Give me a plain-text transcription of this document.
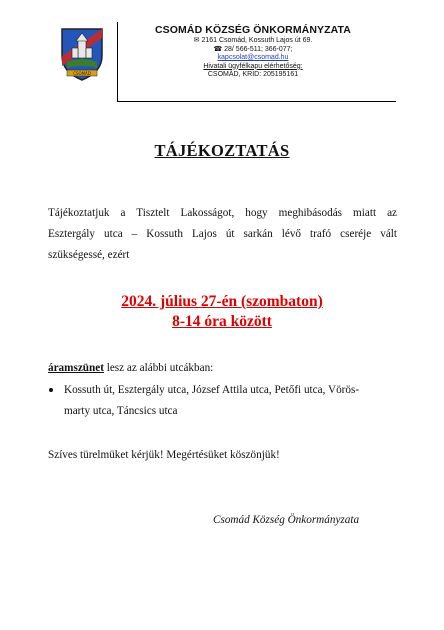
CSOMÁD
CSOMÁD KÖZSÉG ÖNKORMÁNYZATA
✉ 2161 Csomád, Kossuth Lajos út 69.
☎ 28/ 566-511; 366-077;
kapcsolat@csomad.hu
Hivatali ügyfélkapu elérhetőség:
CSOMÁD, KRID: 205195161
TÁJÉKOZTATÁS
Tájékoztatjuk a Tisztelt Lakosságot, hogy meghibásodás miatt az
Esztergály utca – Kossuth Lajos út sarkán lévő trafó cseréje vált
szükségessé, ezért
2024. július 27-én (szombaton)
8-14 óra között
áramszünet lesz az alábbi utcákban:
Kossuth út, Esztergály utca, József Attila utca, Petőfi utca, Vörös-
marty utca, Táncsics utca
Szíves türelmüket kérjük! Megértésüket köszönjük!
Csomád Község Önkormányzata
